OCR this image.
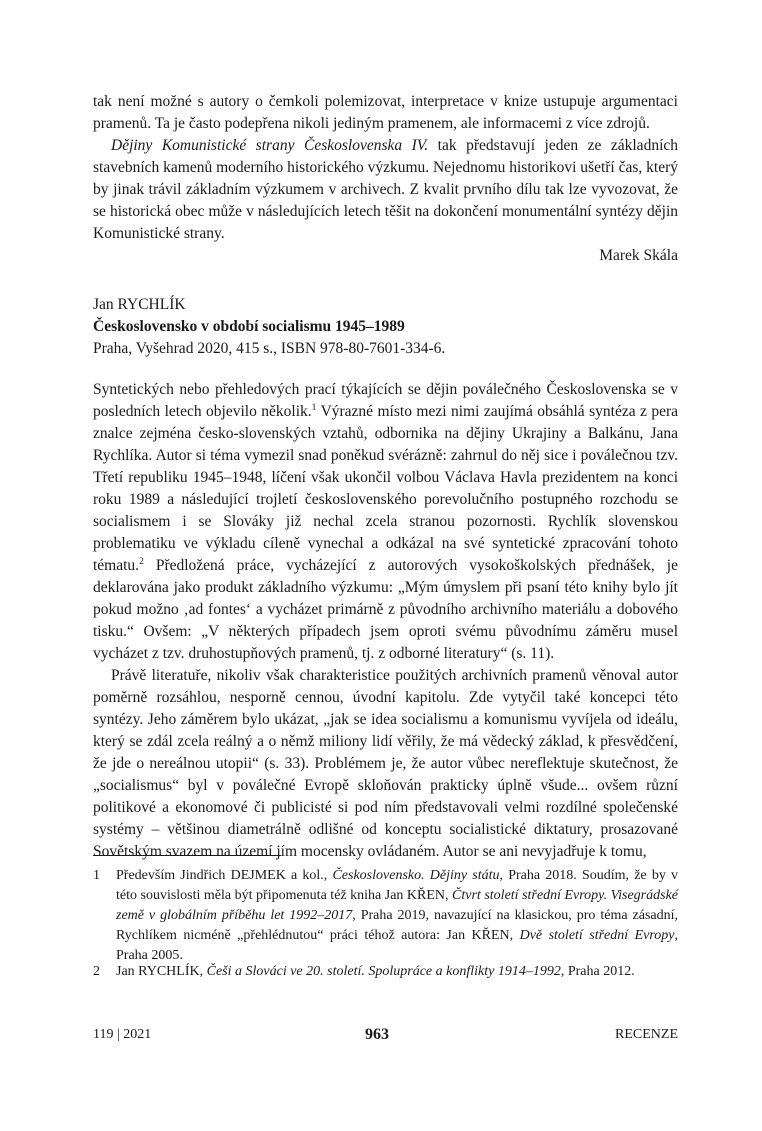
tak není možné s autory o čemkoli polemizovat, interpretace v knize ustupuje argumentaci pramenů. Ta je často podepřena nikoli jediným pramenem, ale informacemi z více zdrojů.

Dějiny Komunistické strany Československa IV. tak představují jeden ze základních stavebních kamenů moderního historického výzkumu. Nejednomu historikovi ušetří čas, který by jinak trávil základním výzkumem v archivech. Z kvalit prvního dílu tak lze vyvozovat, že se historická obec může v následujících letech těšit na dokončení monumentální syntézy dějin Komunistické strany.

Marek Skála

Jan RYCHLÍK

Československo v období socialismu 1945–1989

Praha, Vyšehrad 2020, 415 s., ISBN 978-80-7601-334-6.

Syntetických nebo přehledových prací týkajících se dějin poválečného Československa se v posledních letech objevilo několik.$^1$ Výrazné místo mezi nimi zaujímá obsáhlá syntéza z pera znalce zejména česko-slovenských vztahů, odbornika na dějiny Ukrajiny a Balkánu, Jana Rychlíka. Autor si téma vymezil snad poněkud svérázně: zahrnul do něj sice i poválečnou tzv. Třetí republiku 1945–1948, líčení však ukončil volbou Václava Havla prezidentem na konci roku 1989 a následující trojletí československého porevolučního postupného rozchodu se socialismem i se Slováky již nechal zcela stranou pozornosti. Rychlík slovenskou problematiku ve výkladu cíleně vynechal a odkázal na své syntetické zpracování tohoto tématu.$^2$ Předložená práce, vycházející z autorových vysokoškolských přednášek, je deklarována jako produkt základního výzkumu: „Mým úmyslem při psaní této knihy bylo jít pokud možno ‚ad fontes‘ a vycházet primárně z původního archivního materiálu a dobového tisku.“ Ovšem: „V některých případech jsem oproti svému původnímu záměru musel vycházet z tzv. druhostupňových pramenů, tj. z odborné literatury“ (s. 11).

Právě literatuře, nikoliv však charakteristice použitých archivních pramenů věnoval autor poměrně rozsáhlou, nesporně cennou, úvodní kapitolu. Zde vytyčil také koncepci této syntézy. Jeho záměrem bylo ukázat, „jak se idea socialismu a komunismu vyvíjela od ideálu, který se zdál zcela reálný a o němž miliony lidí věřily, že má vědecký základ, k přesvědčení, že jde o nereálnou utopii“ (s. 33). Problémem je, že autor vůbec nereflektuje skutečnost, že „socialismus“ byl v poválečné Evropě skloňován prakticky úplně všude... ovšem různí politikové a ekonomové či publicisté si pod ním představovali velmi rozdílné společenské systémy – většinou diametrálně odlišné od konceptu socialistické diktatury, prosazované Sovětským svazem na území jím mocensky ovládaném. Autor se ani nevyjadřuje k tomu,

1 Především Jindřich DEJMEK a kol., Československo. Dějiny státu, Praha 2018. Soudím, že by v této souvislosti měla být připomenuta též kniha Jan KŘEN, Čtvrt století střední Evropy. Visegrádské země v globálním příběhu let 1992–2017, Praha 2019, navazující na klasickou, pro téma zásadní, Rychlíkem nicméně „přehlédnutou“ práci téhož autora: Jan KŘEN, Dvě století střední Evropy, Praha 2005.
2 Jan RYCHLÍK, Češi a Slováci ve 20. století. Spolupráce a konflikty 1914–1992, Praha 2012.
119 | 2021	963	RECENZE
